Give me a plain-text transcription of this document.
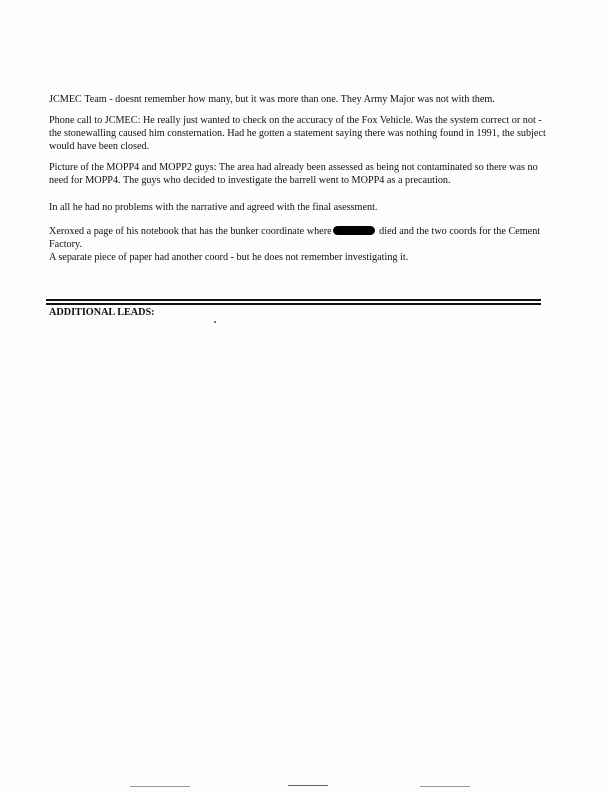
JCMEC Team - doesnt remember how many, but it was more than one. They Army Major was not with them.

Phone call to JCMEC: He really just wanted to check on the accuracy of the Fox Vehicle. Was the system correct or not - the stonewalling caused him consternation. Had he gotten a statement saying there was nothing found in 1991, the subject would have been closed.

Picture of the MOPP4 and MOPP2 guys: The area had already been assessed as being not contaminated so there was no need for MOPP4. The guys who decided to investigate the barrell went to MOPP4 as a precaution.

In all he had no problems with the narrative and agreed with the final asessment.

Xeroxed a page of his notebook that has the bunker coordinate where	died and the two coords for the Cement Factory.
A separate piece of paper had another coord - but he does not remember investigating it.

ADDITIONAL LEADS:
